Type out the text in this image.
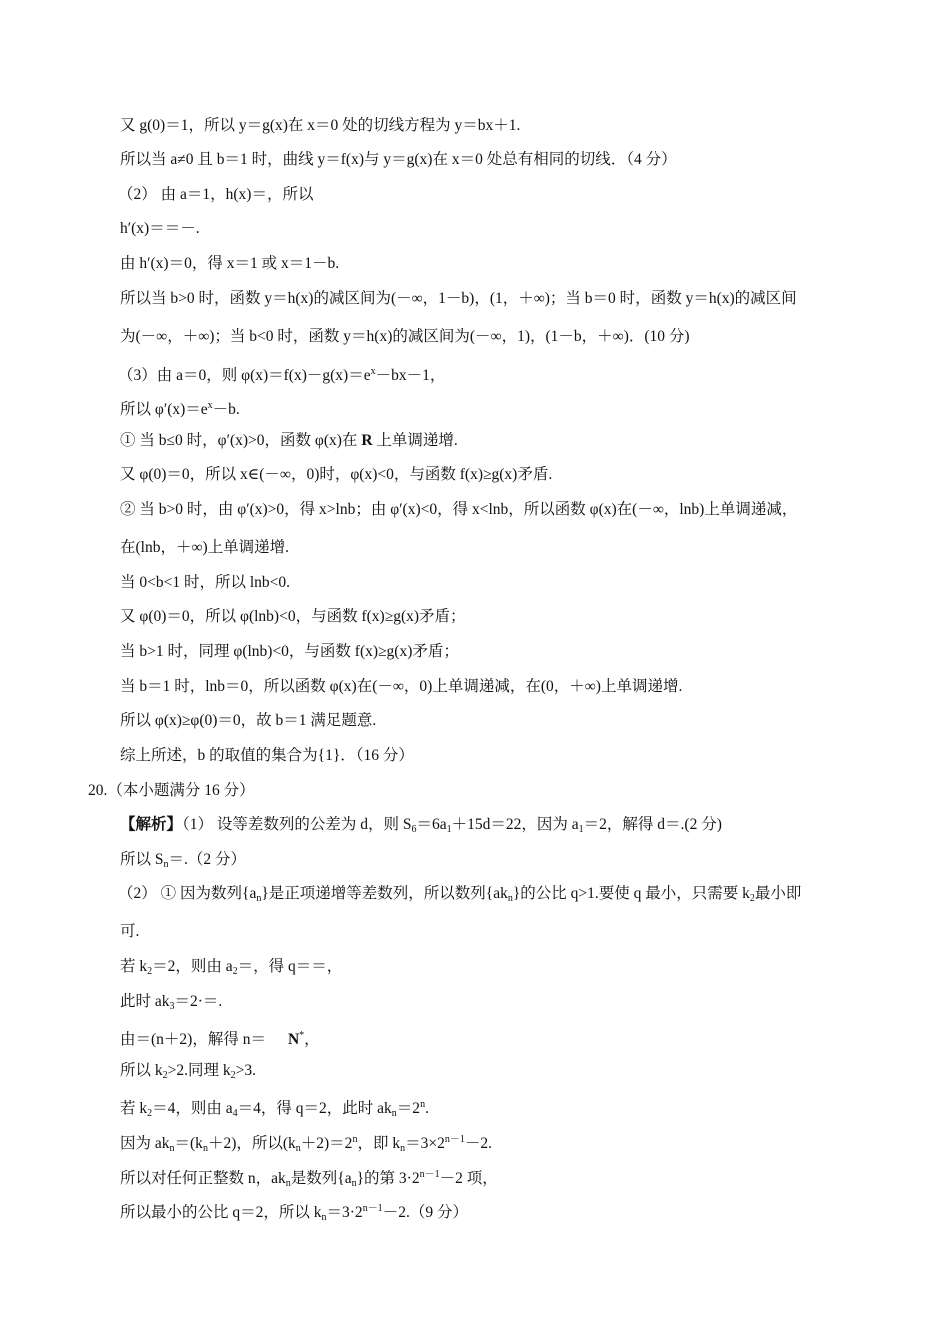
又 g(0)＝1，所以 y＝g(x)在 x＝0 处的切线方程为 y＝bx＋1.
所以当 a≠0 且 b＝1 时，曲线 y＝f(x)与 y＝g(x)在 x＝0 处总有相同的切线．（4 分）
（2） 由 a＝1，h(x)＝，所以
h′(x)＝＝－.
由 h′(x)＝0，得 x＝1 或 x＝1－b.
所以当 b>0 时，函数 y＝h(x)的减区间为(－∞，1－b)，(1，＋∞)；当 b＝0 时，函数 y＝h(x)的减区间
为(－∞，＋∞)；当 b<0 时，函数 y＝h(x)的减区间为(－∞，1)，(1－b，＋∞)．(10 分)
（3）由 a＝0，则 $\varphi(x)=f(x)-g(x)=e^x-bx-1$，
所以 $\varphi'(x)=e^x-b$.
① 当 b≤0 时，φ′(x)>0，函数 φ(x)在 R 上单调递增.
又 φ(0)＝0，所以 x∈(－∞，0)时，φ(x)<0，与函数 f(x)≥g(x)矛盾.
② 当 b>0 时，由 φ′(x)>0，得 x>lnb；由 φ′(x)<0，得 x<lnb，所以函数 φ(x)在(－∞，lnb)上单调递减，
在(lnb，＋∞)上单调递增.
当 0<b<1 时，所以 lnb<0.
又 φ(0)＝0，所以 φ(lnb)<0，与函数 f(x)≥g(x)矛盾；
当 b>1 时，同理 φ(lnb)<0，与函数 f(x)≥g(x)矛盾；
当 b＝1 时，lnb＝0，所以函数 φ(x)在(－∞，0)上单调递减，在(0，＋∞)上单调递增.
所以 φ(x)≥φ(0)＝0，故 b＝1 满足题意.
综上所述，b 的取值的集合为{1}．（16 分）
20.（本小题满分 16 分）
【解析】（1） 设等差数列的公差为 d，则 $S_6=6a_1+15d=22$，因为 $a_1=2$，解得 d＝.(2 分)
所以 $S_n=.(2$ 分）
（2） ① 因为数列$\{a_n\}$是正项递增等差数列，所以数列$\{ak_n\}$的公比 q>1.要使 q 最小，只需要 $k_2$最小即
可.
若 $k_2=2$，则由 $a_2=$，得 q＝＝，
此时 $ak_3=2\cdot=$.
由＝(n＋2)，解得 n＝ N*，
所以 $k_2>2$.同理 $k_2>3$.
若 $k_2=4$，则由 $a_4=4$，得 q＝2，此时 $ak_n=2^n$.
因为 $ak_n=(k_n+2)$，所以$(k_n+2)=2^n$，即 $k_n=3\times 2^{n-1}-2$.
所以对任何正整数 n，$ak_n$是数列$\{a_n\}$的第 $3\cdot 2^{n-1}-2$ 项，
所以最小的公比 q＝2，所以 $k_n=3\cdot 2^{n-1}-2.(9$ 分）
